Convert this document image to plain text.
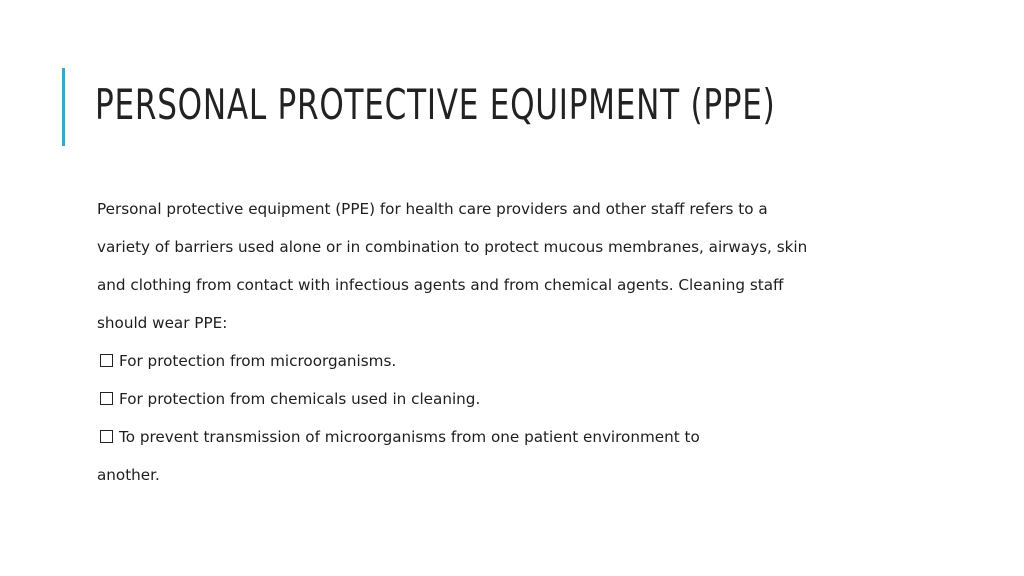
PERSONAL PROTECTIVE EQUIPMENT (PPE)
Personal protective equipment (PPE) for health care providers and other staff refers to a
variety of barriers used alone or in combination to protect mucous membranes, airways, skin
and clothing from contact with infectious agents and from chemical agents. Cleaning staff
should wear PPE:
For protection from microorganisms.
For protection from chemicals used in cleaning.
To prevent transmission of microorganisms from one patient environment to
another.
